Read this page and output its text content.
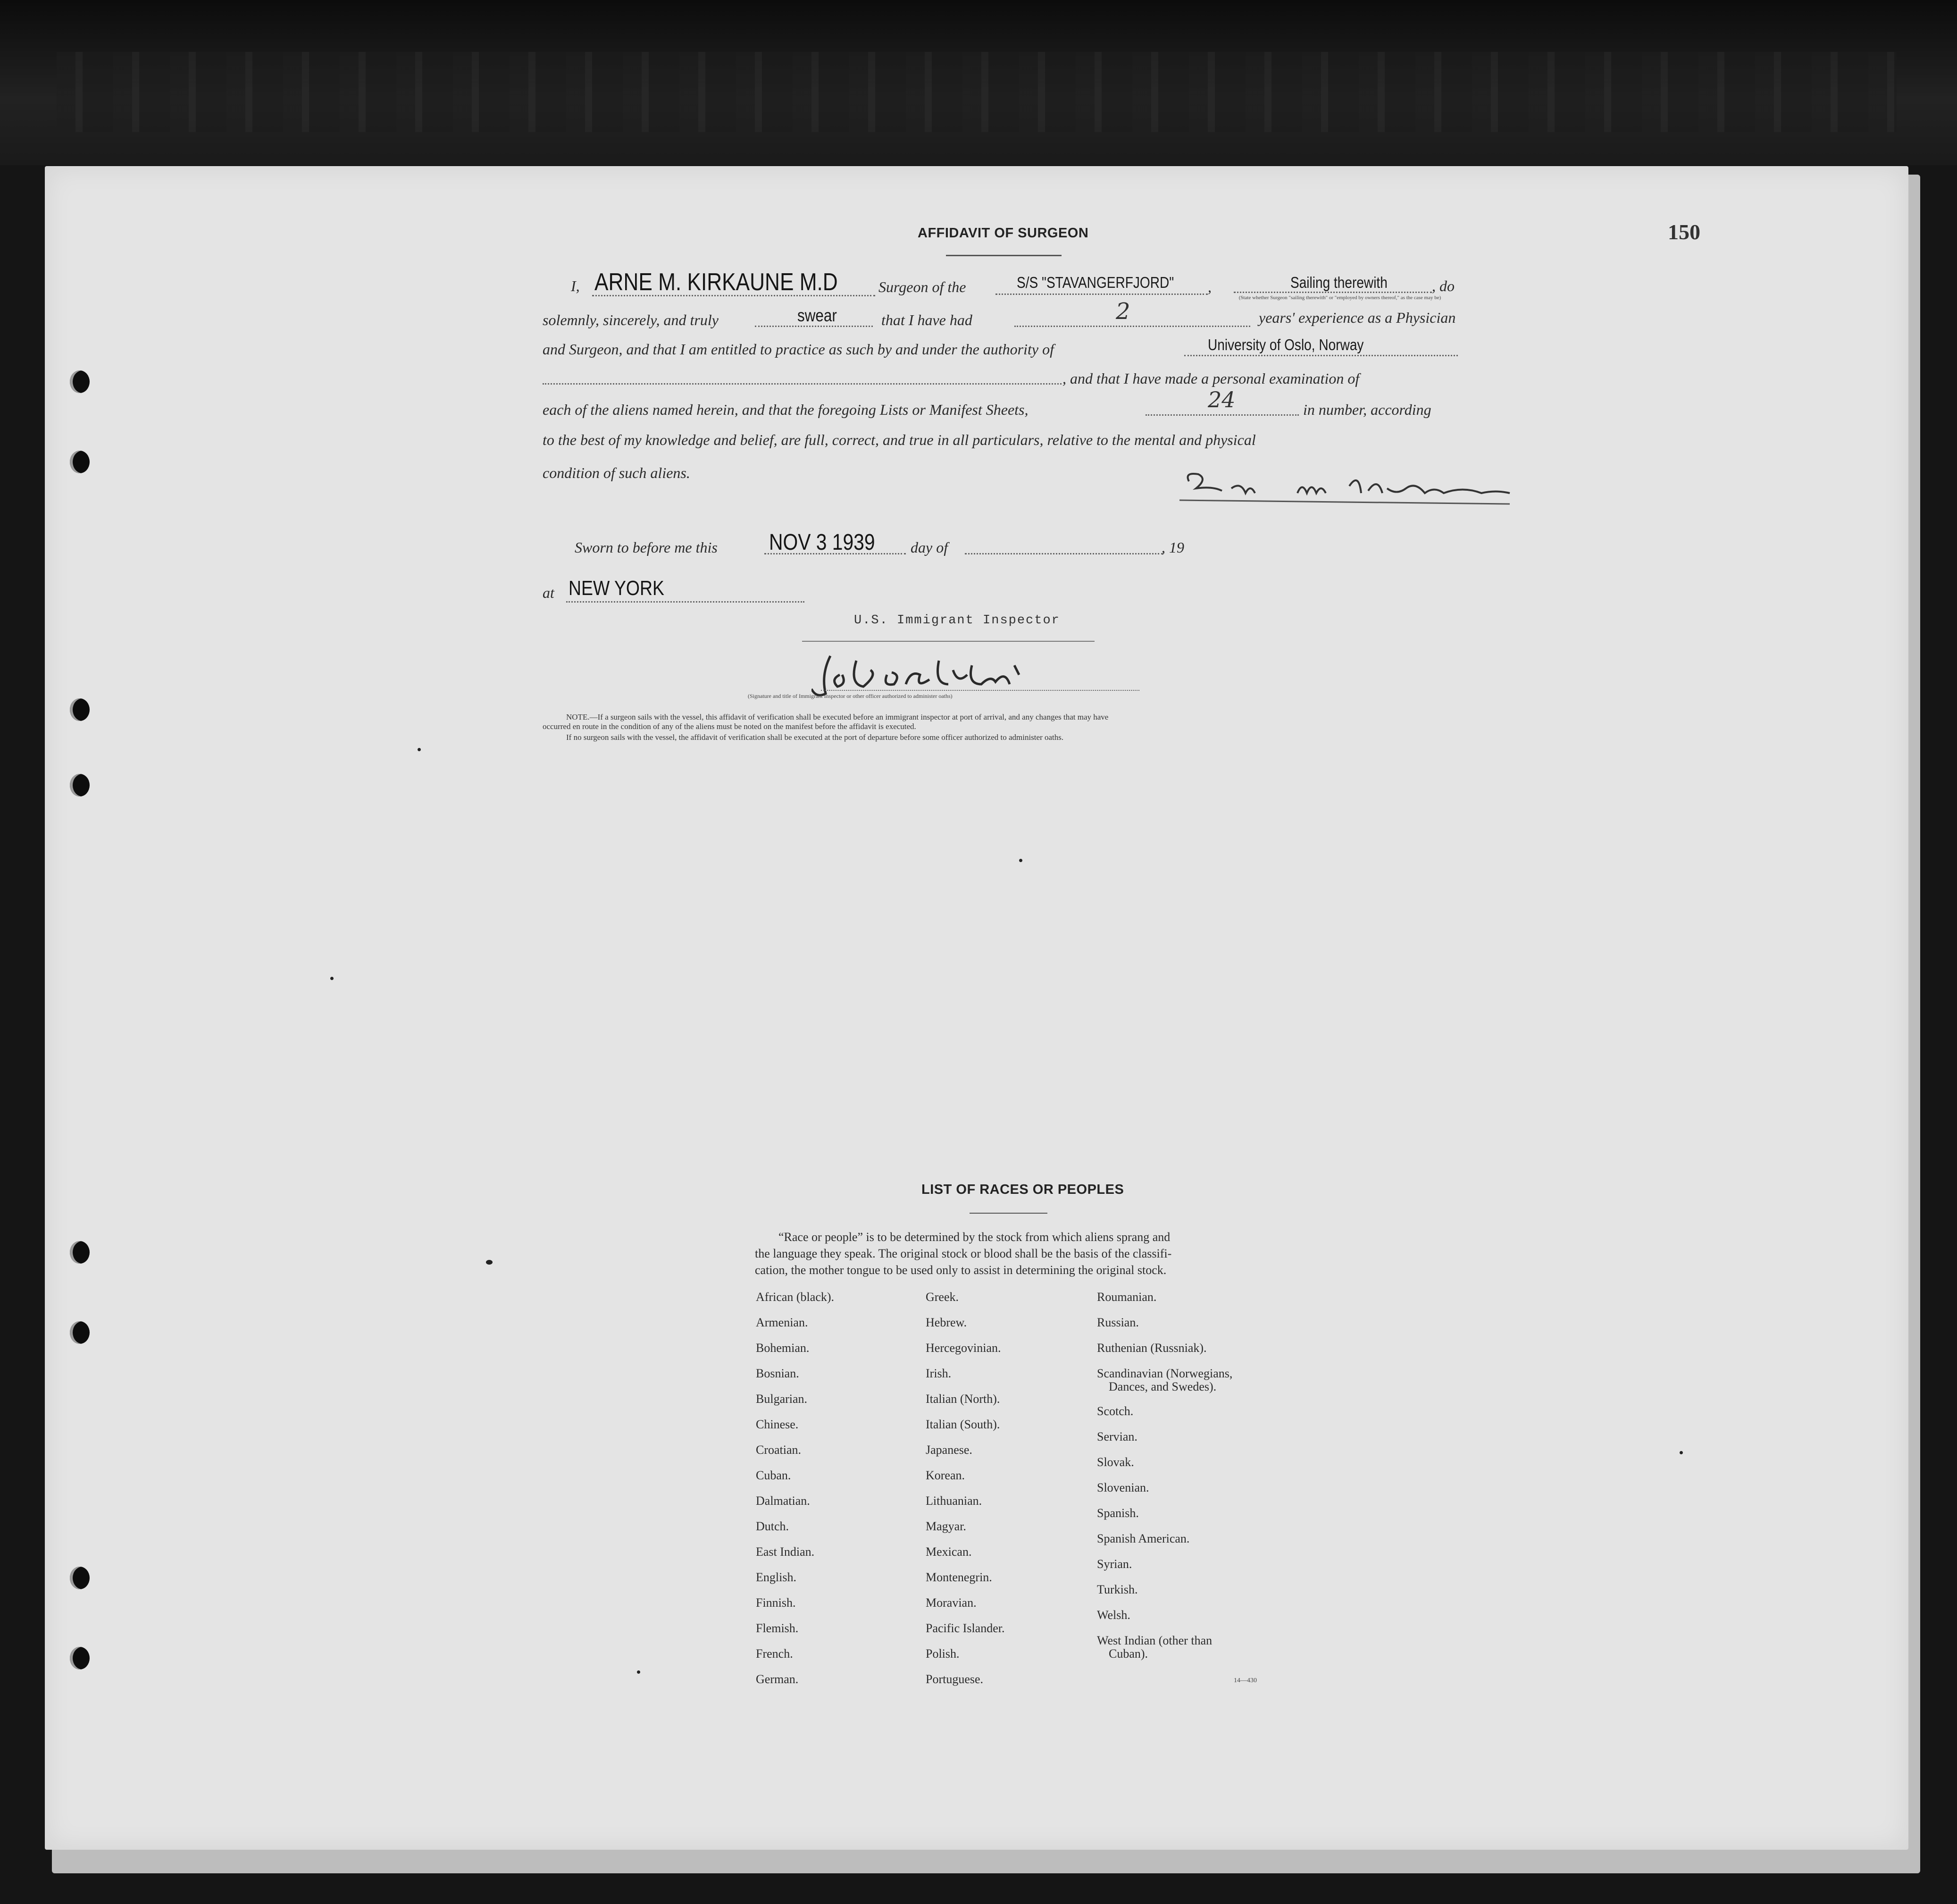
150
AFFIDAVIT OF SURGEON
I, ARNE M. KIRKAUNE M.D	Surgeon of the	S/S "STAVANGERFJORD" ,	Sailing therewith
(State whether Surgeon "sailing therewith" or "employed by owners thereof," as the case may be)
, do
solemnly, sincerely, and truly	swear	that I have had	2	years' experience as a Physician
and Surgeon, and that I am entitled to practice as such by and under the authority of	University of Oslo, Norway
, and that I have made a personal examination of
each of the aliens named herein, and that the foregoing Lists or Manifest Sheets,	24	in number, according
to the best of my knowledge and belief, are full, correct, and true in all particulars, relative to the mental and physical
condition of such aliens.
Sworn to before me this NOV 3 1939 day of	, 19
at NEW YORK
U.S. Immigrant Inspector
(Signature and title of Immigrant Inspector or other officer authorized to administer oaths)
NOTE.—If a surgeon sails with the vessel, this affidavit of verification shall be executed before an immigrant inspector at port of arrival, and any changes that may have
occurred en route in the condition of any of the aliens must be noted on the manifest before the affidavit is executed.
If no surgeon sails with the vessel, the affidavit of verification shall be executed at the port of departure before some officer authorized to administer oaths.
LIST OF RACES OR PEOPLES
“Race or people” is to be determined by the stock from which aliens sprang and
the language they speak. The original stock or blood shall be the basis of the classifi-
cation, the mother tongue to be used only to assist in determining the original stock.
African (black).
Armenian.
Bohemian.
Bosnian.
Bulgarian.
Chinese.
Croatian.
Cuban.
Dalmatian.
Dutch.
East Indian.
English.
Finnish.
Flemish.
French.
German.
Greek.
Hebrew.
Hercegovinian.
Irish.
Italian (North).
Italian (South).
Japanese.
Korean.
Lithuanian.
Magyar.
Mexican.
Montenegrin.
Moravian.
Pacific Islander.
Polish.
Portuguese.
Roumanian.
Russian.
Ruthenian (Russniak).
Scandinavian (Norwegians,
Dances, and Swedes).
Scotch.
Servian.
Slovak.
Slovenian.
Spanish.
Spanish American.
Syrian.
Turkish.
Welsh.
West Indian (other than
Cuban).
14—430
